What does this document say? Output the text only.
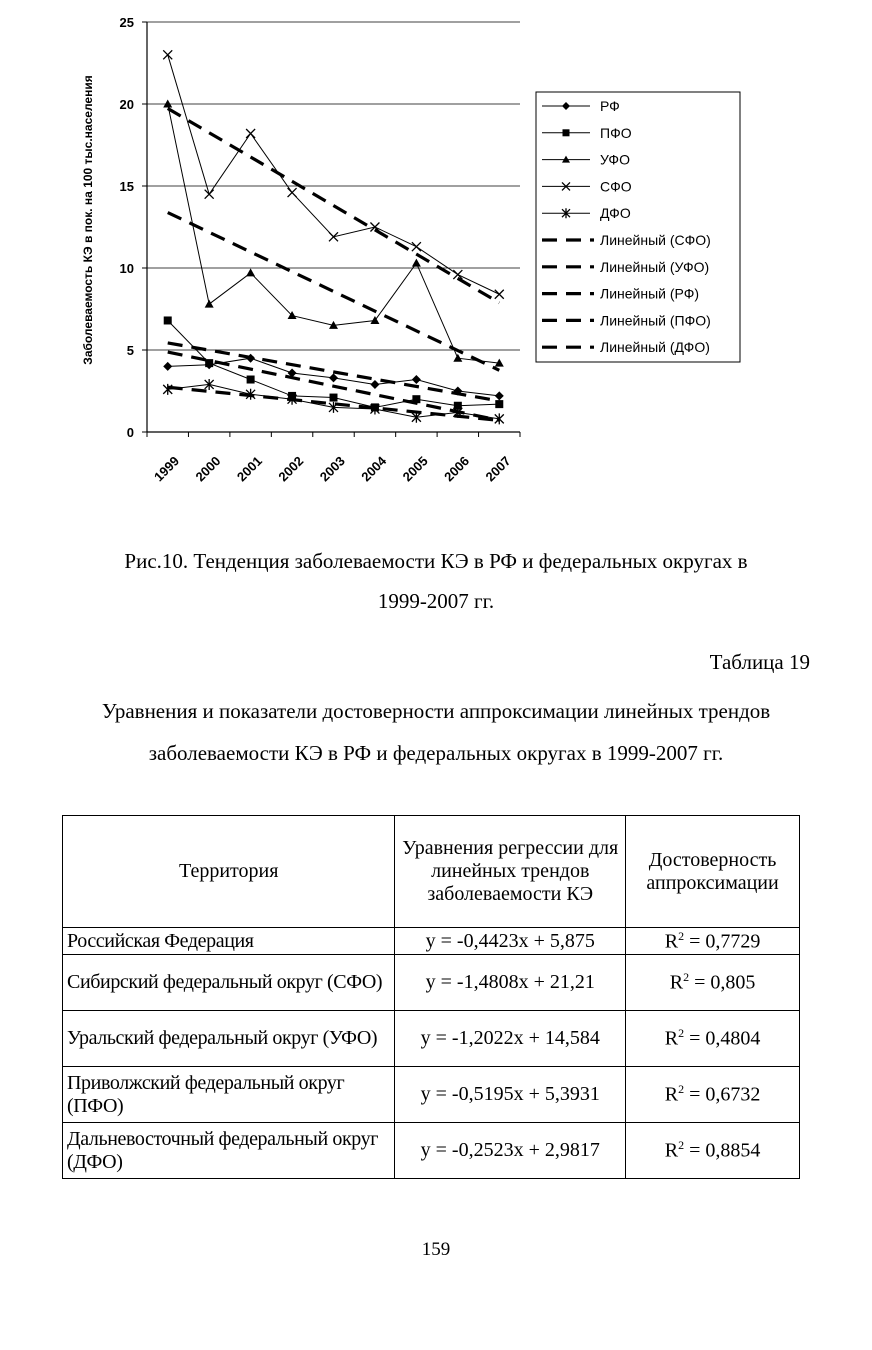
0
5
10
15
20
25
1999 2000 2001 2002 2003 2004 2005 2006 2007
Заболеваемость КЭ в пок. на 100 тыс.населения	РФ
ПФО
УФО
СФО
ДФО
Линейный (СФО)
Линейный (УФО)
Линейный (РФ)
Линейный (ПФО)
Линейный (ДФО)
Рис.10. Тенденция заболеваемости КЭ в РФ и федеральных округах в
1999-2007 гг.
Таблица 19
Уравнения и показатели достоверности аппроксимации линейных трендов
заболеваемости КЭ в РФ и федеральных округах в 1999-2007 гг.
Территория	Уравнения регрессии для линейных трендов заболеваемости КЭ	Достоверность аппроксимации
Российская Федерация	y = -0,4423x + 5,875	$R^2 = 0,7729$
Сибирский федеральный округ (СФО)	y = -1,4808x + 21,21	$R^2 = 0,805$
Уральский федеральный округ (УФО)	y = -1,2022x + 14,584	$R^2 = 0,4804$
Приволжский федеральный округ (ПФО)	y = -0,5195x + 5,3931	$R^2 = 0,6732$
Дальневосточный федеральный округ (ДФО)	y = -0,2523x + 2,9817	$R^2 = 0,8854$
159
